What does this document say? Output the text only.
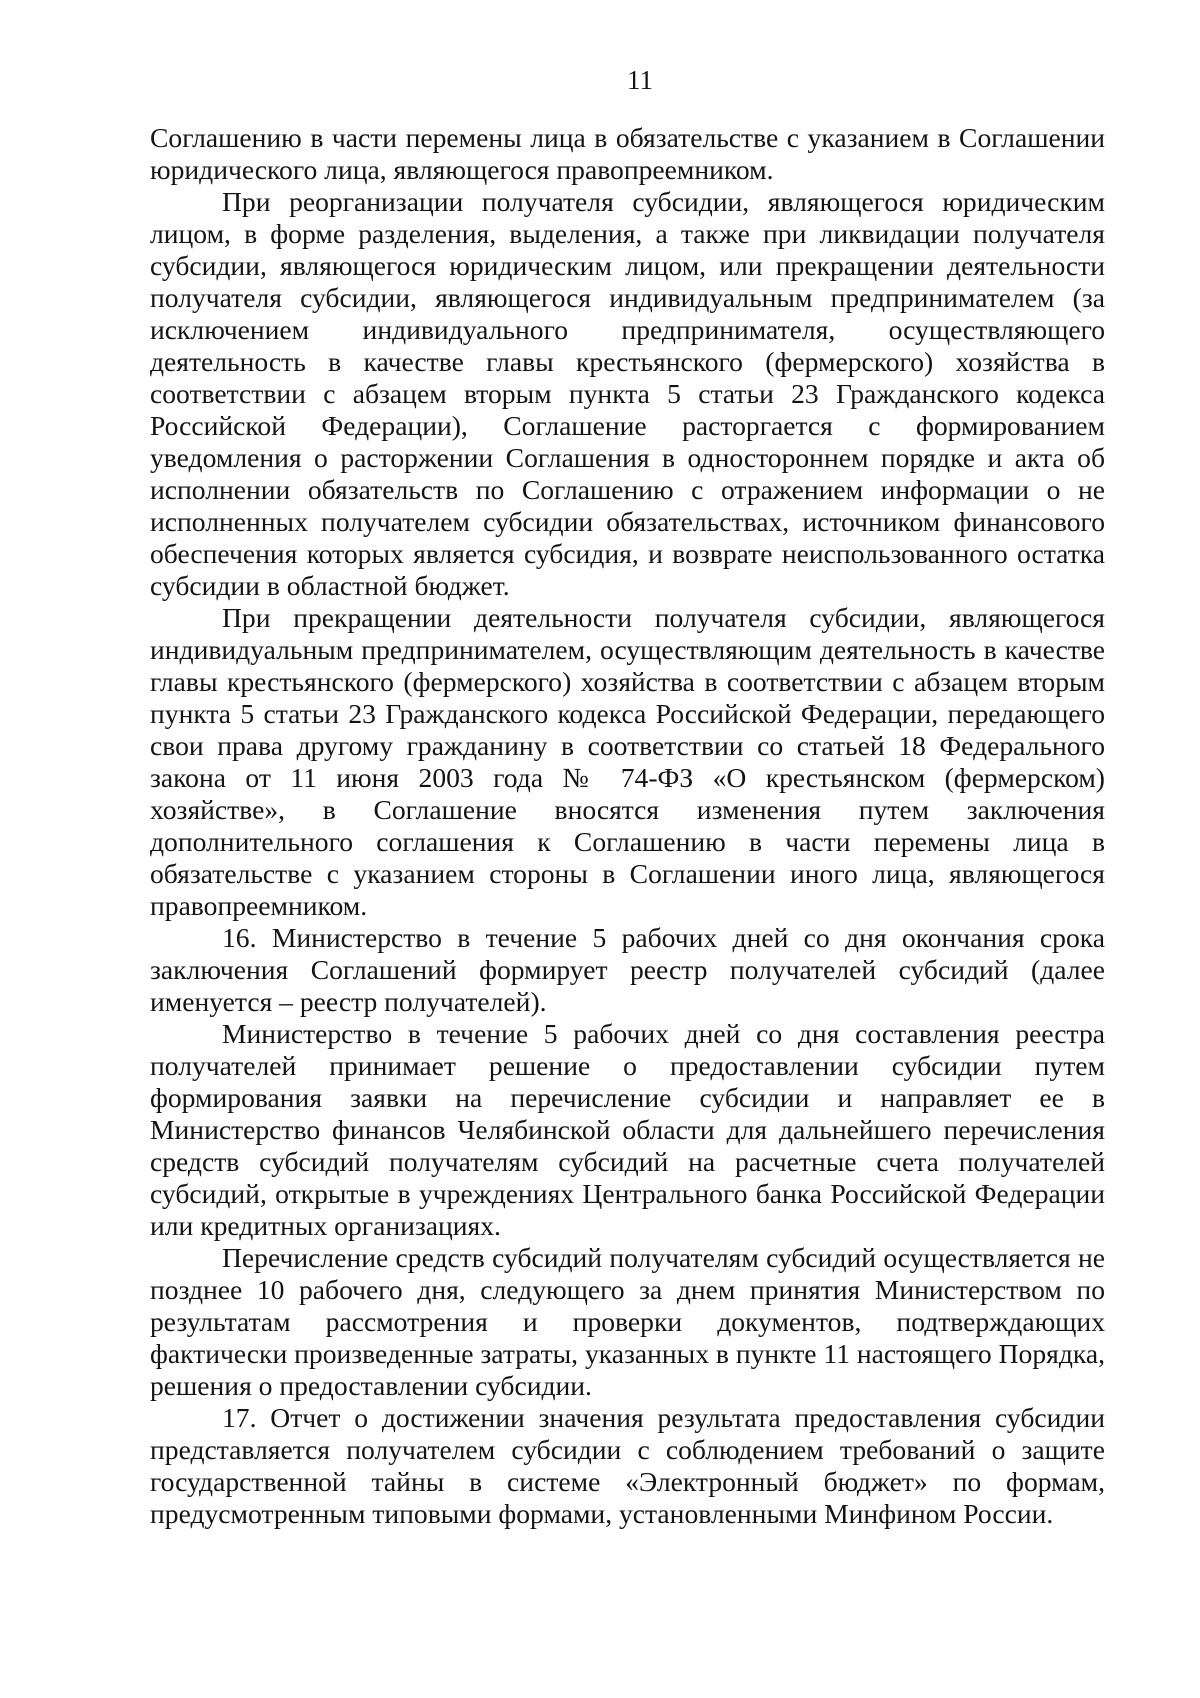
11

Соглашению в части перемены лица в обязательстве с указанием в Соглашении юридического лица, являющегося правопреемником.

При реорганизации получателя субсидии, являющегося юридическим лицом, в форме разделения, выделения, а также при ликвидации получателя субсидии, являющегося юридическим лицом, или прекращении деятельности получателя субсидии, являющегося индивидуальным предпринимателем (за исключением индивидуального предпринимателя, осуществляющего деятельность в качестве главы крестьянского (фермерского) хозяйства в соответствии с абзацем вторым пункта 5 статьи 23 Гражданского кодекса Российской Федерации), Соглашение расторгается с формированием уведомления о расторжении Соглашения в одностороннем порядке и акта об исполнении обязательств по Соглашению с отражением информации о не исполненных получателем субсидии обязательствах, источником финансового обеспечения которых является субсидия, и возврате неиспользованного остатка субсидии в областной бюджет.

При прекращении деятельности получателя субсидии, являющегося индивидуальным предпринимателем, осуществляющим деятельность в качестве главы крестьянского (фермерского) хозяйства в соответствии с абзацем вторым пункта 5 статьи 23 Гражданского кодекса Российской Федерации, передающего свои права другому гражданину в соответствии со статьей 18 Федерального закона от 11 июня 2003 года № 74-ФЗ «О крестьянском (фермерском) хозяйстве», в Соглашение вносятся изменения путем заключения дополнительного соглашения к Соглашению в части перемены лица в обязательстве с указанием стороны в Соглашении иного лица, являющегося правопреемником.

16. Министерство в течение 5 рабочих дней со дня окончания срока заключения Соглашений формирует реестр получателей субсидий (далее именуется – реестр получателей).

Министерство в течение 5 рабочих дней со дня составления реестра получателей принимает решение о предоставлении субсидии путем формирования заявки на перечисление субсидии и направляет ее в Министерство финансов Челябинской области для дальнейшего перечисления средств субсидий получателям субсидий на расчетные счета получателей субсидий, открытые в учреждениях Центрального банка Российской Федерации или кредитных организациях.

Перечисление средств субсидий получателям субсидий осуществляется не позднее 10 рабочего дня, следующего за днем принятия Министерством по результатам рассмотрения и проверки документов, подтверждающих фактически произведенные затраты, указанных в пункте 11 настоящего Порядка, решения о предоставлении субсидии.

17. Отчет о достижении значения результата предоставления субсидии представляется получателем субсидии с соблюдением требований о защите государственной тайны в системе «Электронный бюджет» по формам, предусмотренным типовыми формами, установленными Минфином России.
